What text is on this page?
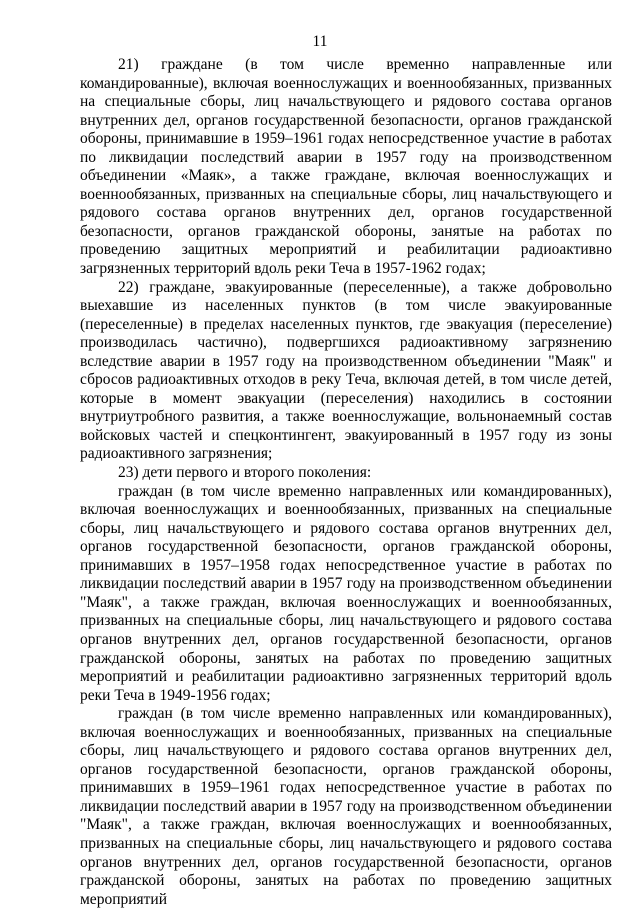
11

21) граждане (в том числе временно направленные или командированные), включая военнослужащих и военнообязанных, призванных на специальные сборы, лиц начальствующего и рядового состава органов внутренних дел, органов государственной безопасности, органов гражданской обороны, принимавшие в 1959–1961 годах непосредственное участие в работах по ликвидации последствий аварии в 1957 году на производственном объединении «Маяк», а также граждане, включая военнослужащих и военнообязанных, призванных на специальные сборы, лиц начальствующего и рядового состава органов внутренних дел, органов государственной безопасности, органов гражданской обороны, занятые на работах по проведению защитных мероприятий и реабилитации радиоактивно загрязненных территорий вдоль реки Теча в 1957-1962 годах;

22) граждане, эвакуированные (переселенные), а также добровольно выехавшие из населенных пунктов (в том числе эвакуированные (переселенные) в пределах населенных пунктов, где эвакуация (переселение) производилась частично), подвергшихся радиоактивному загрязнению вследствие аварии в 1957 году на производственном объединении "Маяк" и сбросов радиоактивных отходов в реку Теча, включая детей, в том числе детей, которые в момент эвакуации (переселения) находились в состоянии внутриутробного развития, а также военнослужащие, вольнонаемный состав войсковых частей и спецконтингент, эвакуированный в 1957 году из зоны радиоактивного загрязнения;

23) дети первого и второго поколения:

граждан (в том числе временно направленных или командированных), включая военнослужащих и военнообязанных, призванных на специальные сборы, лиц начальствующего и рядового состава органов внутренних дел, органов государственной безопасности, органов гражданской обороны, принимавших в 1957–1958 годах непосредственное участие в работах по ликвидации последствий аварии в 1957 году на производственном объединении "Маяк", а также граждан, включая военнослужащих и военнообязанных, призванных на специальные сборы, лиц начальствующего и рядового состава органов внутренних дел, органов государственной безопасности, органов гражданской обороны, занятых на работах по проведению защитных мероприятий и реабилитации радиоактивно загрязненных территорий вдоль реки Теча в 1949-1956 годах;

граждан (в том числе временно направленных или командированных), включая военнослужащих и военнообязанных, призванных на специальные сборы, лиц начальствующего и рядового состава органов внутренних дел, органов государственной безопасности, органов гражданской обороны, принимавших в 1959–1961 годах непосредственное участие в работах по ликвидации последствий аварии в 1957 году на производственном объединении "Маяк", а также граждан, включая военнослужащих и военнообязанных, призванных на специальные сборы, лиц начальствующего и рядового состава органов внутренних дел, органов государственной безопасности, органов гражданской обороны, занятых на работах по проведению защитных мероприятий
